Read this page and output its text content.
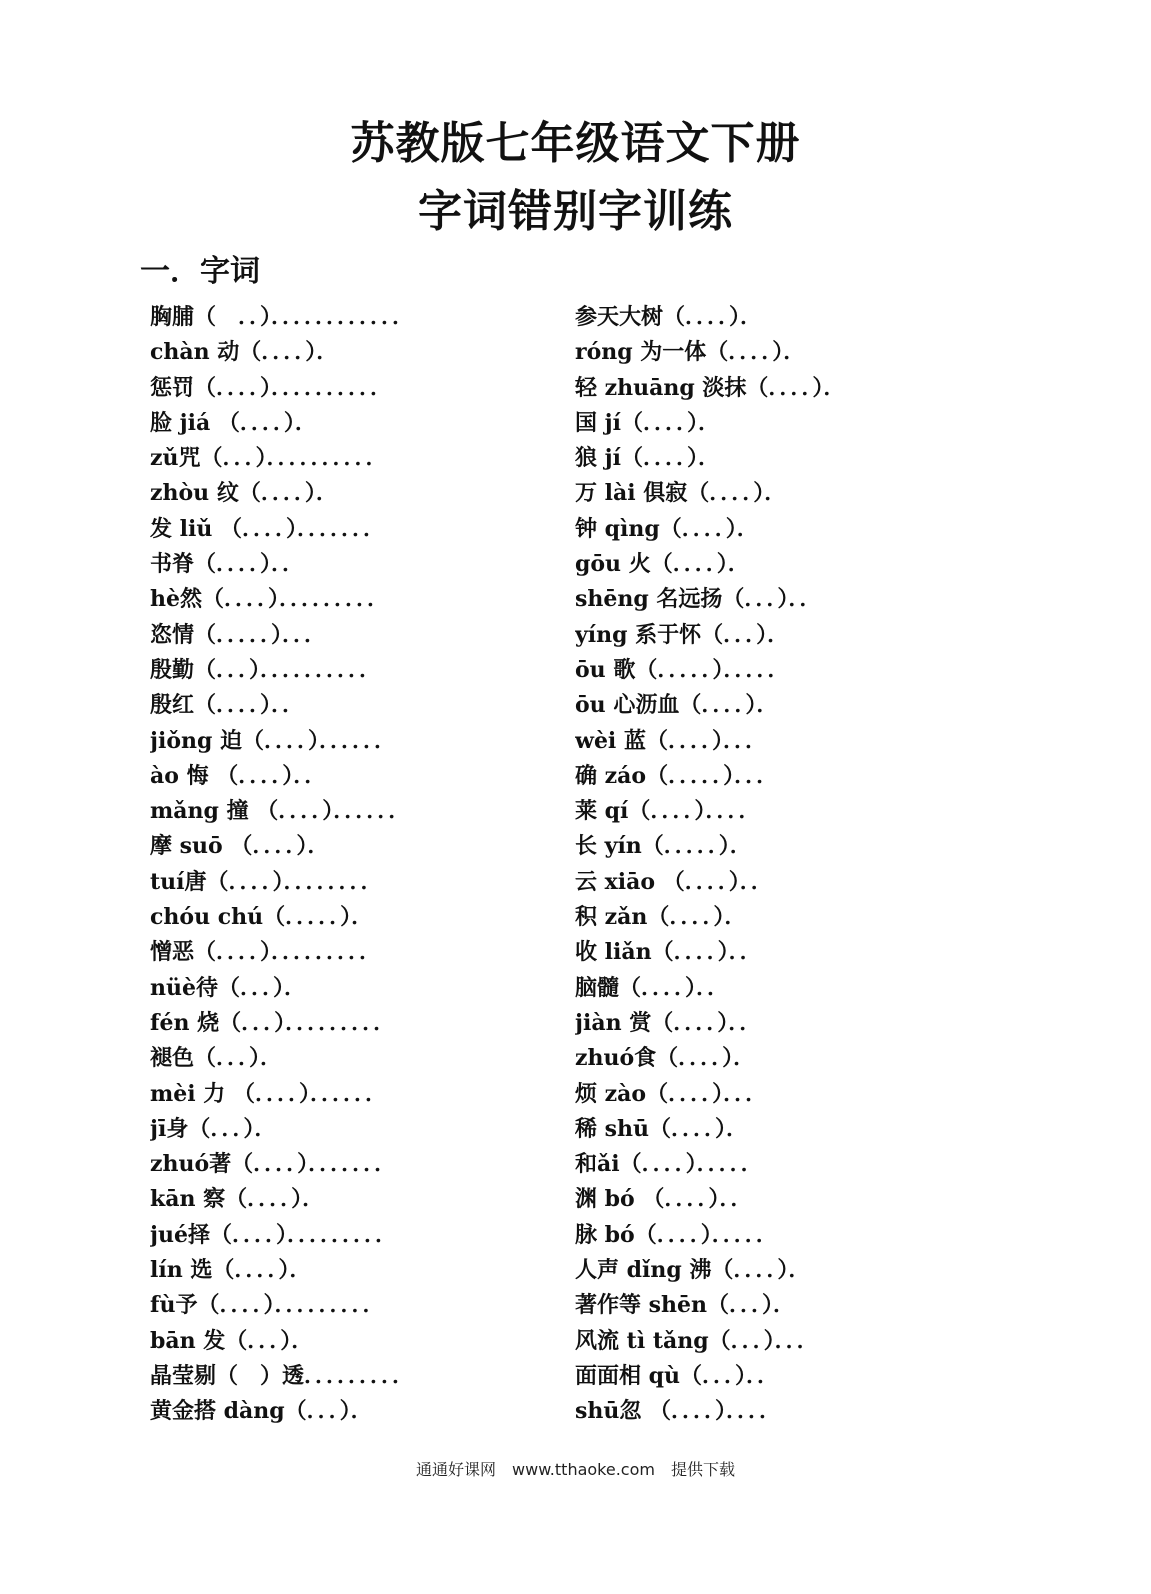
苏教版七年级语文下册
字词错别字训练
一．字词
胸脯（　．．）．．．．．．．．．．．．
chàn 动（．．．．）．
惩罚（．．．．）．．．．．．．．．．
脸 jiá （．．．．）．
zǔ咒（．．．）．．．．．．．．．．
zhòu 纹（．．．．）．
发 liǔ （．．．．）．．．．．．．
书脊（．．．．）．．
hè然（．．．．）．．．．．．．．．
恣情（．．．．．）．．．
殷勤（．．．）．．．．．．．．．．
殷红（．．．．）．．
jiǒng 迫（．．．．）．．．．．．
ào 悔 （．．．．）．．
mǎng 撞 （．．．．）．．．．．．
摩 suō （．．．．）．
tuí唐（．．．．）．．．．．．．．
chóu chú（．．．．．）．
憎恶（．．．．）．．．．．．．．．
nüè待（．．．）．
fén 烧（．．．）．．．．．．．．．
褪色（．．．）．
mèi 力 （．．．．）．．．．．．
jī身（．．．）．
zhuó著（．．．．）．．．．．．．
kān 察（．．．．）．
jué择（．．．．）．．．．．．．．．
lín 选（．．．．）．
fù予（．．．．）．．．．．．．．．
bān 发（．．．）．
晶莹剔（　）透．．．．．．．．．
黄金搭 dàng（．．．）．
参天大树（．．．．）．
róng 为一体（．．．．）．
轻 zhuāng 淡抹（．．．．）．
国 jí（．．．．）．
狼 jí（．．．．）．
万 lài 俱寂（．．．．）．
钟 qìng（．．．．）．
gōu 火（．．．．）．
shēng 名远扬（．．．）．．
yíng 系于怀（．．．）．
ōu 歌（．．．．．）．．．．．
ōu 心沥血（．．．．）．
wèi 蓝（．．．．）．．．
确 záo（．．．．．）．．．
莱 qí（．．．．）．．．．
长 yín（．．．．．）．
云 xiāo （．．．．）．．
积 zǎn（．．．．）．
收 liǎn（．．．．）．．
脑髓（．．．．）．．
jiàn 赏（．．．．）．．
zhuó食（．．．．）．
烦 zào（．．．．）．．．
稀 shū（．．．．）．
和ǎi（．．．．）．．．．．
渊 bó （．．．．）．．
脉 bó（．．．．）．．．．．
人声 dǐng 沸（．．．．）．
著作等 shēn（．．．）．
风流 tì tǎng（．．．）．．．
面面相 qù（．．．）．．
shū忽 （．．．．）．．．．

通通好课网　www.tthaoke.com　提供下载
